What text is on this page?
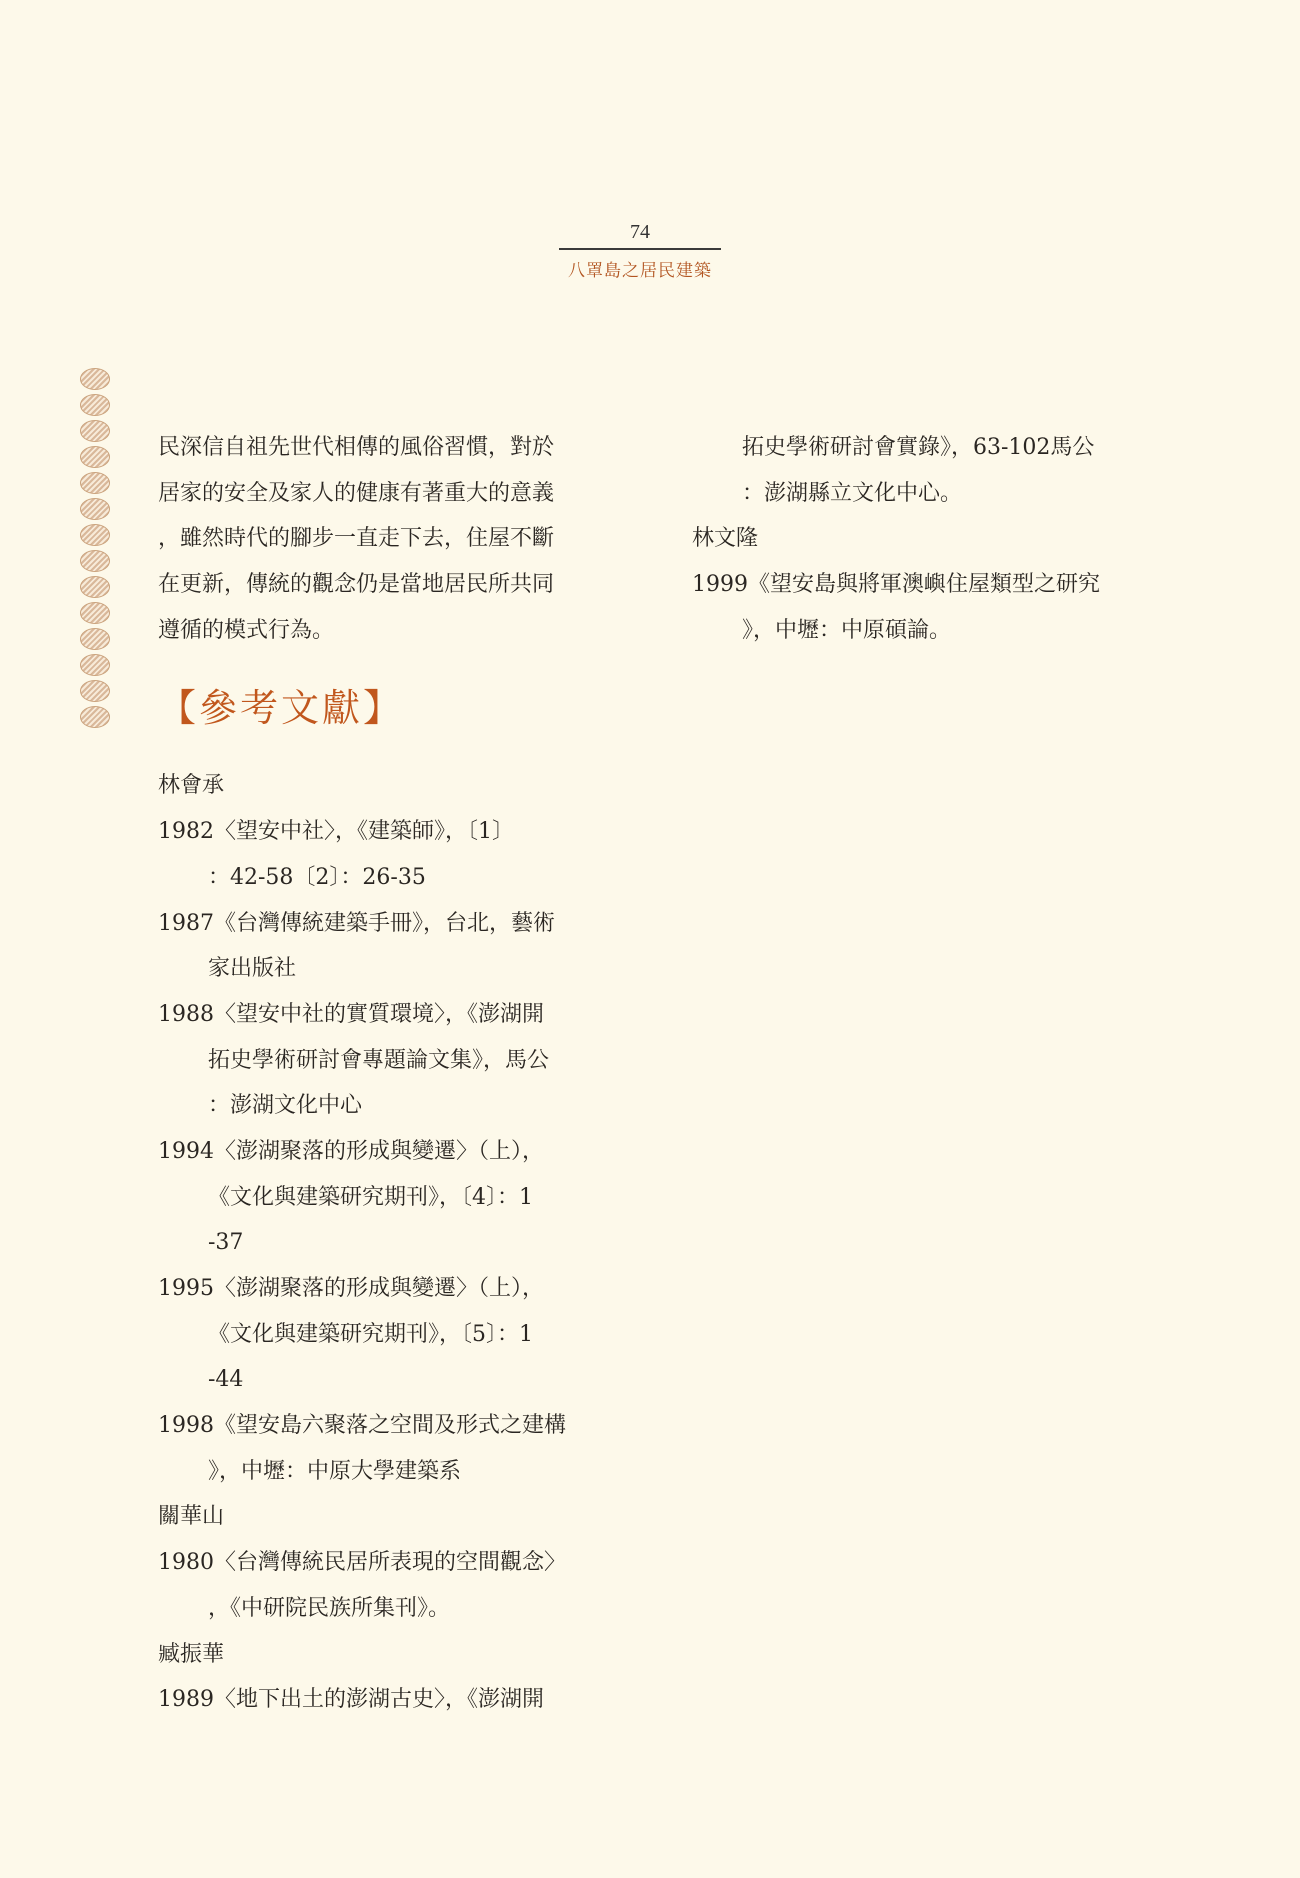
74
八罩島之居民建築
民深信自祖先世代相傳的風俗習慣，對於
居家的安全及家人的健康有著重大的意義
，雖然時代的腳步一直走下去，住屋不斷
在更新，傳統的觀念仍是當地居民所共同
遵循的模式行為。
【參考文獻】
林會承
1982〈望安中社〉，《建築師》，〔1〕
：42-58〔2〕：26-35
1987《台灣傳統建築手冊》，台北，藝術
家出版社
1988〈望安中社的實質環境〉，《澎湖開
拓史學術研討會專題論文集》，馬公
：澎湖文化中心
1994〈澎湖聚落的形成與變遷〉（上），
《文化與建築研究期刊》，〔4〕：1
-37
1995〈澎湖聚落的形成與變遷〉（上），
《文化與建築研究期刊》，〔5〕：1
-44
1998《望安島六聚落之空間及形式之建構
》，中壢：中原大學建築系
關華山
1980〈台灣傳統民居所表現的空間觀念〉
，《中研院民族所集刊》。
臧振華
1989〈地下出土的澎湖古史〉，《澎湖開
拓史學術研討會實錄》，63-102馬公
：澎湖縣立文化中心。
林文隆
1999《望安島與將軍澳嶼住屋類型之研究
》，中壢：中原碩論。
